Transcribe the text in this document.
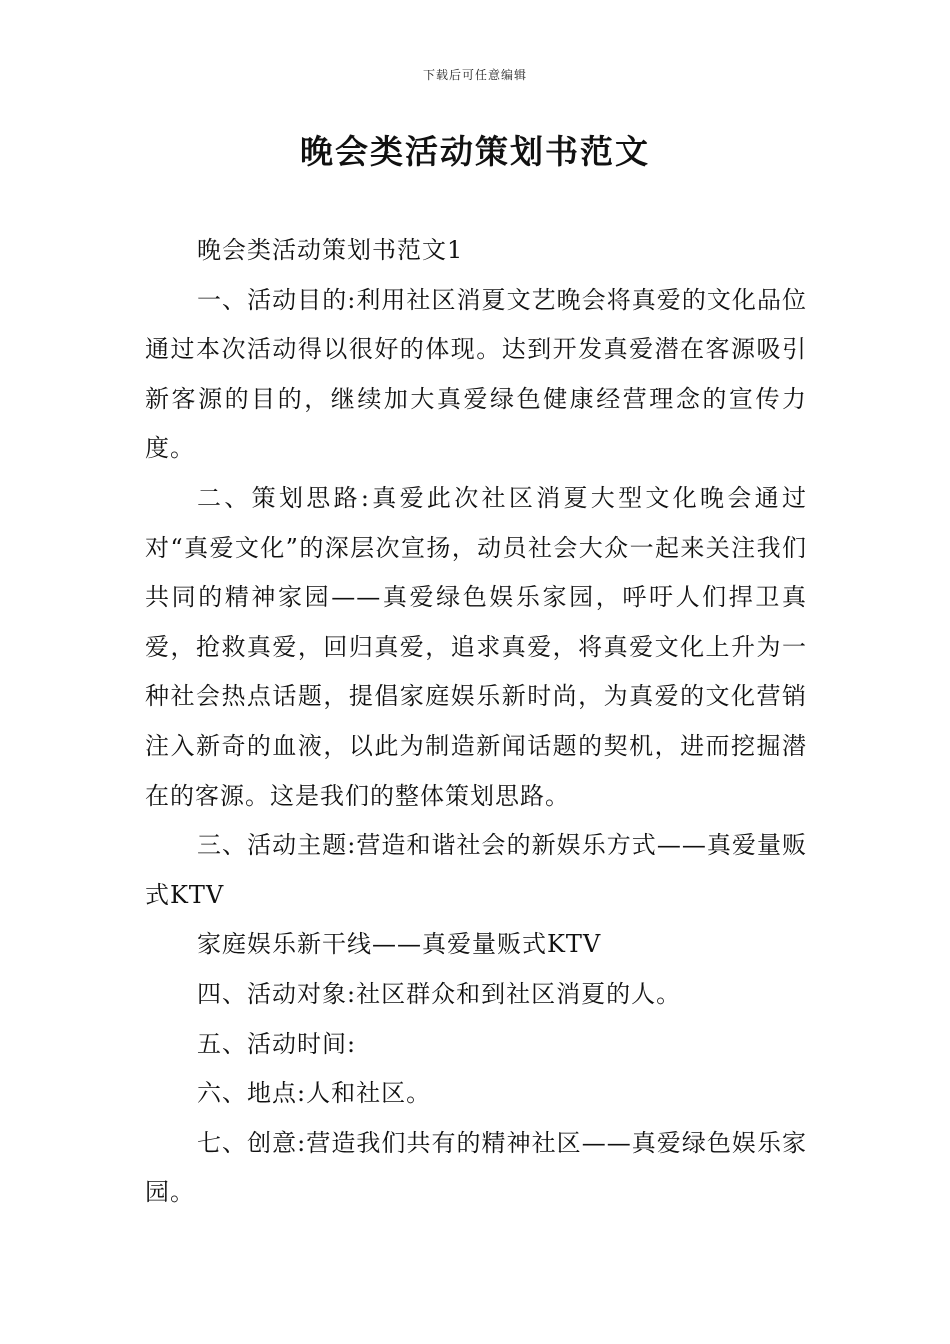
下载后可任意编辑
晚会类活动策划书范文

晚会类活动策划书范文1

一、活动目的:利用社区消夏文艺晚会将真爱的文化品位通过本次活动得以很好的体现。达到开发真爱潜在客源吸引新客源的目的，继续加大真爱绿色健康经营理念的宣传力度。

二、策划思路:真爱此次社区消夏大型文化晚会通过对“真爱文化”的深层次宣扬，动员社会大众一起来关注我们共同的精神家园——真爱绿色娱乐家园，呼吁人们捍卫真爱，抢救真爱，回归真爱，追求真爱，将真爱文化上升为一种社会热点话题，提倡家庭娱乐新时尚，为真爱的文化营销注入新奇的血液，以此为制造新闻话题的契机，进而挖掘潜在的客源。这是我们的整体策划思路。

三、活动主题:营造和谐社会的新娱乐方式——真爱量贩式KTV

家庭娱乐新干线——真爱量贩式KTV

四、活动对象:社区群众和到社区消夏的人。

五、活动时间:

六、地点:人和社区。

七、创意:营造我们共有的精神社区——真爱绿色娱乐家园。
